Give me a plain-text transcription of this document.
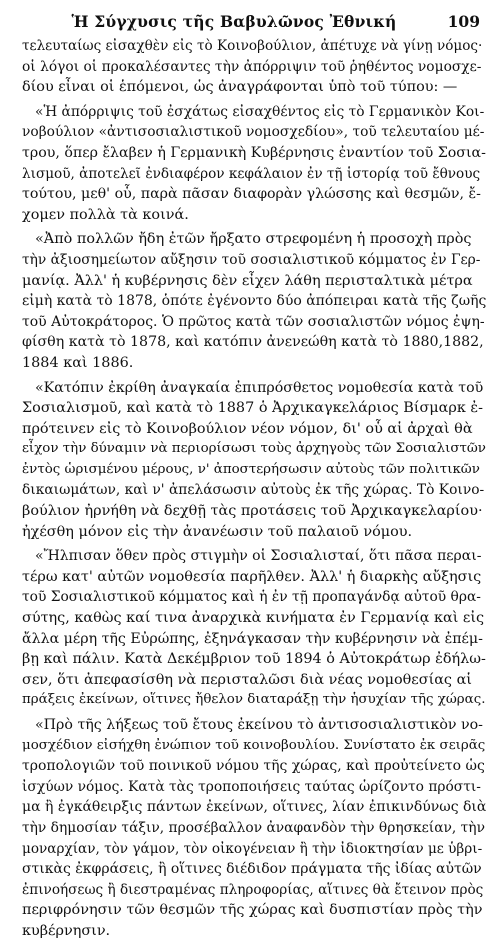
Ἡ Σύγχυσις τῆς Βαβυλῶνος Ἐθνική	109
τελευταίως εἰσαχθὲν εἰς τὸ Κοινοβούλιον, ἀπέτυχε νὰ γίνῃ νόμος·
οἱ λόγοι οἱ προκαλέσαντες τὴν ἀπόρριψιν τοῦ ῥηθέντος νομοσχε-
δίου εἶναι οἱ ἑπόμενοι, ὡς ἀναγράφονται ὑπὸ τοῦ τύπου: —
«Ἡ ἀπόρριψις τοῦ ἐσχάτως εἰσαχθέντος εἰς τὸ Γερμανικὸν Κοι-
νοβούλιον «ἀντισοσιαλιστικοῦ νομοσχεδίου», τοῦ τελευταίου μέ-
τρου, ὅπερ ἔλαβεν ἡ Γερμανικὴ Κυβέρνησις ἐναντίον τοῦ Σοσια-
λισμοῦ, ἀποτελεῖ ἐνδιαφέρον κεφάλαιον ἐν τῇ ἱστορίᾳ τοῦ ἔθνους
τούτου, μεθ' οὗ, παρὰ πᾶσαν διαφορὰν γλώσσης καὶ θεσμῶν, ἔ-
χομεν πολλὰ τὰ κοινά.
«Ἀπὸ πολλῶν ἤδη ἐτῶν ἤρξατο στρεφομένη ἡ προσοχὴ πρὸς
τὴν ἀξιοσημείωτον αὔξησιν τοῦ σοσιαλιστικοῦ κόμματος ἐν Γερ-
μανίᾳ. Ἀλλ' ἡ κυβέρνησις δὲν εἶχεν λάθη περισταλτικὰ μέτρα
εἰμὴ κατὰ τὸ 1878, ὁπότε ἐγένοντο δύο ἀπόπειραι κατὰ τῆς ζωῆς
τοῦ Αὐτοκράτορος. Ὁ πρῶτος κατὰ τῶν σοσιαλιστῶν νόμος ἐψη-
φίσθη κατὰ τὸ 1878, καὶ κατόπιν ἀνενεώθη κατὰ τὸ 1880,1882,
1884 καὶ 1886.
«Κατόπιν ἐκρίθη ἀναγκαία ἐπιπρόσθετος νομοθεσία κατὰ τοῦ
Σοσιαλισμοῦ, καὶ κατὰ τὸ 1887 ὁ Ἀρχικαγκελάριος Βίσμαρκ ἐ-
πρότεινεν εἰς τὸ Κοινοβούλιον νέον νόμον, δι' οὗ αἱ ἀρχαὶ θὰ
εἶχον τὴν δύναμιν νὰ περιορίσωσι τοὺς ἀρχηγοὺς τῶν Σοσιαλιστῶν
ἐντὸς ὡρισμένου μέρους, ν' ἀποστερήσωσιν αὐτοὺς τῶν πολιτικῶν
δικαιωμάτων, καὶ ν' ἀπελάσωσιν αὐτοὺς ἐκ τῆς χώρας. Τὸ Κοινο-
βούλιον ἠρνήθη νὰ δεχθῇ τὰς προτάσεις τοῦ Ἀρχικαγκελαρίου·
ἠχέσθη μόνον εἰς τὴν ἀνανέωσιν τοῦ παλαιοῦ νόμου.
«Ἤλπισαν ὅθεν πρὸς στιγμὴν οἱ Σοσιαλισταί, ὅτι πᾶσα περαι-
τέρω κατ' αὐτῶν νομοθεσία παρῆλθεν. Ἀλλ' ἡ διαρκὴς αὔξησις
τοῦ Σοσιαλιστικοῦ κόμματος καὶ ἡ ἐν τῇ προπαγάνδᾳ αὐτοῦ θρα-
σύτης, καθὼς καί τινα ἀναρχικὰ κινήματα ἐν Γερμανίᾳ καὶ εἰς
ἄλλα μέρη τῆς Εὐρώπης, ἐξηνάγκασαν τὴν κυβέρνησιν νὰ ἐπέμ-
βῃ καὶ πάλιν. Κατὰ Δεκέμβριον τοῦ 1894 ὁ Αὐτοκράτωρ ἐδήλω-
σεν, ὅτι ἀπεφασίσθη νὰ περισταλῶσι διὰ νέας νομοθεσίας αἱ
πράξεις ἐκείνων, οἵτινες ἤθελον διαταράξῃ τὴν ἡσυχίαν τῆς χώρας.
«Πρὸ τῆς λήξεως τοῦ ἔτους ἐκείνου τὸ ἀντισοσιαλιστικὸν νο-
μοσχέδιον εἰσήχθη ἐνώπιον τοῦ κοινοβουλίου. Συνίστατο ἐκ σειρᾶς
τροπολογιῶν τοῦ ποινικοῦ νόμου τῆς χώρας, καὶ προὐτείνετο ὡς
ἰσχύων νόμος. Κατὰ τὰς τροποποιήσεις ταύτας ὡρίζοντο πρόστι-
μα ἢ ἐγκάθειρξις πάντων ἐκείνων, οἵτινες, λίαν ἐπικινδύνως διὰ
τὴν δημοσίαν τάξιν, προσέβαλλον ἀναφανδὸν τὴν θρησκείαν, τὴν
μοναρχίαν, τὸν γάμον, τὸν οἰκογένειαν ἢ τὴν ἰδιοκτησίαν με ὑβρι-
στικὰς ἐκφράσεις, ἢ οἵτινες διέδιδον πράγματα τῆς ἰδίας αὐτῶν
ἐπινοήσεως ἢ διεστραμένας πληροφορίας, αἵτινες θὰ ἔτεινον πρὸς
περιφρόνησιν τῶν θεσμῶν τῆς χώρας καὶ δυσπιστίαν πρὸς τὴν
κυβέρνησιν.
